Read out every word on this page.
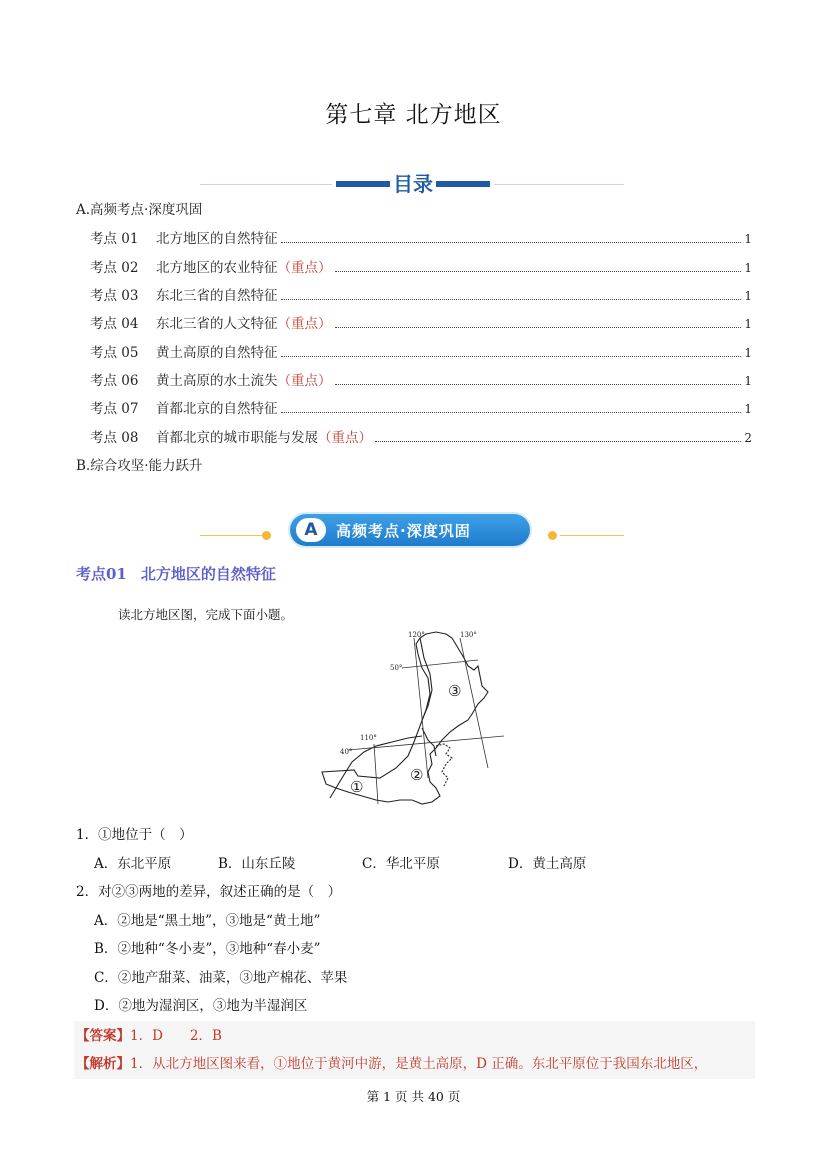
第七章 北方地区
目录
A.高频考点·深度巩固
考点 01	北方地区的自然特征	1
考点 02	北方地区的农业特征 （重点）	1
考点 03	东北三省的自然特征	1
考点 04	东北三省的人文特征 （重点）	1
考点 05	黄土高原的自然特征	1
考点 06	黄土高原的水土流失 （重点）	1
考点 07	首都北京的自然特征	1
考点 08	首都北京的城市职能与发展 （重点）	2
B.综合攻坚·能力跃升
A	高频考点·深度巩固
考点01 北方地区的自然特征
读北方地区图，完成下面小题。
120°	130°
50°
110°
40°
①
②
③
1．①地位于（　）
A．东北平原	B．山东丘陵	C．华北平原	D．黄土高原
2．对②③两地的差异，叙述正确的是（　）
A．②地是“黑土地”，③地是“黄土地”
B．②地种“冬小麦”，③地种“春小麦”
C．②地产甜菜、油菜，③地产棉花、苹果
D．②地为湿润区，③地为半湿润区
【答案】1．D　　2．B
【解析】1．从北方地区图来看，①地位于黄河中游，是黄土高原，D 正确。东北平原位于我国东北地区，
第 1 页 共 40 页
